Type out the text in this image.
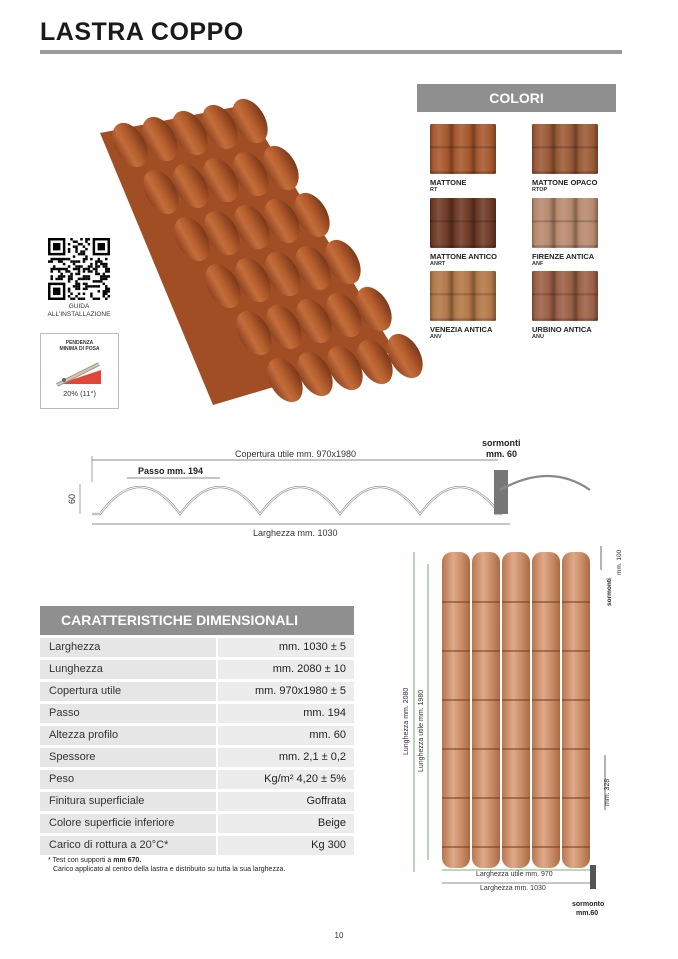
LASTRA COPPO
COLORI
MATTONE
RT
MATTONE OPACO
RTOP
MATTONE ANTICO
ANRT
FIRENZE ANTICA
ANF
VENEZIA ANTICA
ANV
URBINO ANTICA
ANU
GUIDA
ALL'INSTALLAZIONE
PENDENZA
MINIMA DI POSA
20% (11°)
Copertura utile mm. 970x1980
sormonti
mm. 60
Passo mm. 194
60
Larghezza mm. 1030
CARATTERISTICHE DIMENSIONALI
Larghezza	mm. 1030 ± 5
Lunghezza	mm. 2080 ± 10
Copertura utile	mm. 970x1980 ± 5
Passo	mm. 194
Altezza profilo	mm. 60
Spessore	mm. 2,1 ± 0,2
Peso	Kg/m² 4,20 ± 5%
Finitura superficiale	Goffrata
Colore superficie inferiore	Beige
Carico di rottura a 20°C*	Kg 300
* Test con supporti a mm 670.
Carico applicato al centro della lastra e distribuito su tutta la sua larghezza.
Larghezza utile mm. 970
Larghezza mm. 1030
sormonto
mm.60
Lunghezza mm. 2080 Lunghezza utile mm. 1980
mm. 100
sormonti
mm. 328
10
